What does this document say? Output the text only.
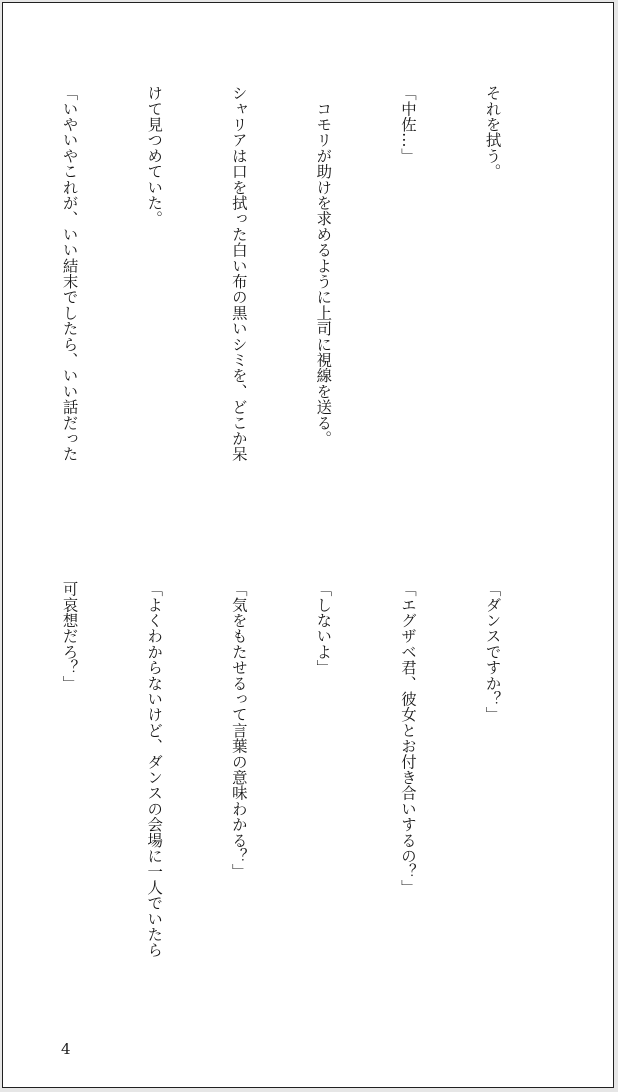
それを拭う。

「中佐…」

　コモリが助けを求めるように上司に視線を送る。

シャリアは口を拭った白い布の黒いシミを、どこか呆

けて見つめていた。

「いやいやこれが、いい結末でしたら、いい話だった

「ダンスですか？」

「エグザベ君、彼女とお付き合いするの？」

「しないよ」

「気をもたせるって言葉の意味わかる？」

「よくわからないけど、ダンスの会場に一人でいたら

可哀想だろ？」

4
